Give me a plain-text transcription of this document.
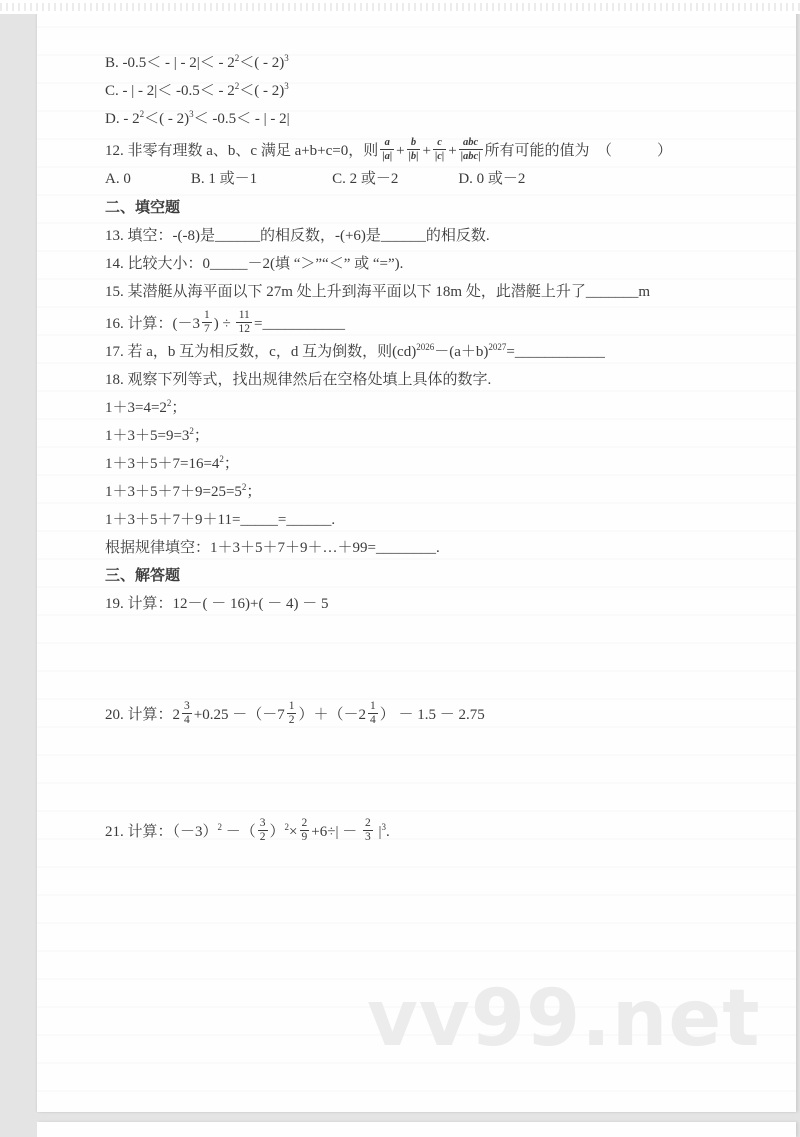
B. -0.5＜ - | - $2|< - 2^2<( - 2)^3$
C. - | - $2|< -0.5< - 2^2<( - 2)^3$
D. - $2^2<( - 2)^3< -0.5<$ - | - 2|
12. 非零有理数 a、b、c 满足 a+b+c=0，则 $\frac{a}{|a|} + \frac{b}{|b|} + \frac{c}{|c|} + \frac{\text{abc}}{\text{|abc|}}$ 所有可能的值为　（　　　）
A. 0　　　　B. 1 或－1　　　　　C. 2 或－2　　　　D. 0 或－2
二、填空题
13. 填空：-(-8)是______的相反数，-(+6)是______的相反数.
14. 比较大小：0_____－2(填 “＞”“＜” 或 “=”).
15. 某潜艇从海平面以下 27m 处上升到海平面以下 18m 处，此潜艇上升了_______m
16. 计算：($-3 \frac{1}{7}$ ) ÷ $\frac{11}{12}$ =___________
17. 若 a，b 互为相反数，c，d 互为倒数，则$(cd)^{2026}-(a+b)^{2027}=\_\_\_\_\_\_\_\_\_\_\_\_$
18. 观察下列等式，找出规律然后在空格处填上具体的数字.
$1+3=4=2^2$；
$1+3+5=9=3^2$；
$1+3+5+7=16=4^2$；
$1+3+5+7+9=25=5^2$；
1＋3＋5＋7＋9＋11=_____=______.
根据规律填空：1＋3＋5＋7＋9＋…＋99=________.
三、解答题
19. 计算：12－( － 16)+( － 4) － 5
20. 计算：$2 \frac{3}{4} +0.25 -(-7 \frac{1}{2} )+(-2 \frac{1}{4}$ ） － 1.5 － 2.75
21. 计算：$(-3)^2$ －（ $\frac{3}{2} )^2\times \frac{2}{9} +6\div| - \frac{2}{3} |^3$.
vv99.net
